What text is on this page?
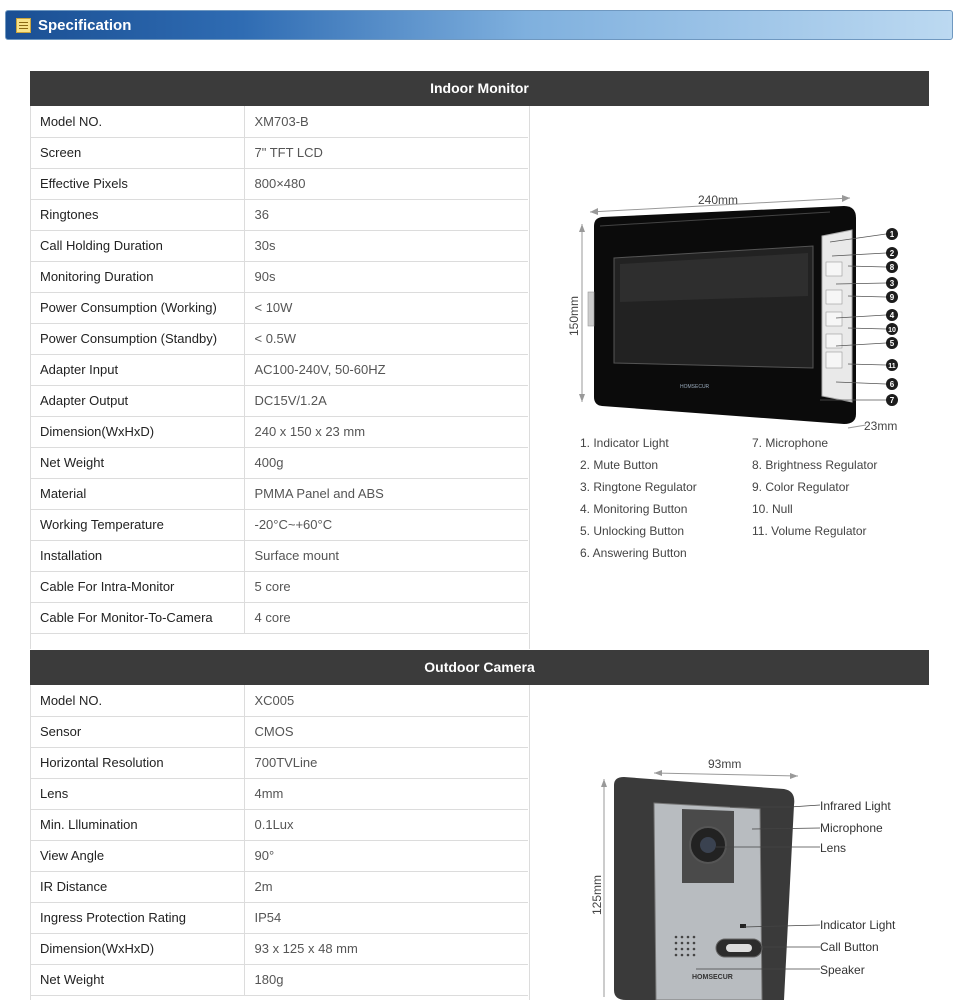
Specification
Indoor Monitor
Model NO.	XM703-B
Screen	7" TFT LCD
Effective Pixels	800×480
Ringtones	36
Call Holding Duration	30s
Monitoring Duration	90s
Power Consumption (Working)	< 10W
Power Consumption (Standby)	< 0.5W
Adapter Input	AC100-240V, 50-60HZ
Adapter Output	DC15V/1.2A
Dimension(WxHxD)	240 x 150 x 23 mm
Net Weight	400g
Material	PMMA Panel and ABS
Working Temperature	-20°C~+60°C
Installation	Surface mount
Cable For Intra-Monitor	5 core
Cable For Monitor-To-Camera	4 core
240mm
150mm
HOMSECUR
23mm
1
2
8
3
9
4
10
5
11
6
7
1. Indicator Light
2. Mute Button
3. Ringtone Regulator
4. Monitoring Button
5. Unlocking Button
6. Answering Button
7. Microphone
8. Brightness Regulator
9. Color Regulator
10. Null
11. Volume Regulator
Outdoor Camera
Model NO.	XC005
Sensor	CMOS
Horizontal Resolution	700TVLine
Lens	4mm
Min. Lllumination	0.1Lux
View Angle	90°
IR Distance	2m
Ingress Protection Rating	IP54
Dimension(WxHxD)	93 x 125 x 48 mm
Net Weight	180g
93mm
125mm
HOMSECUR
Infrared Light
Microphone
Lens
Indicator Light
Call Button
Speaker
